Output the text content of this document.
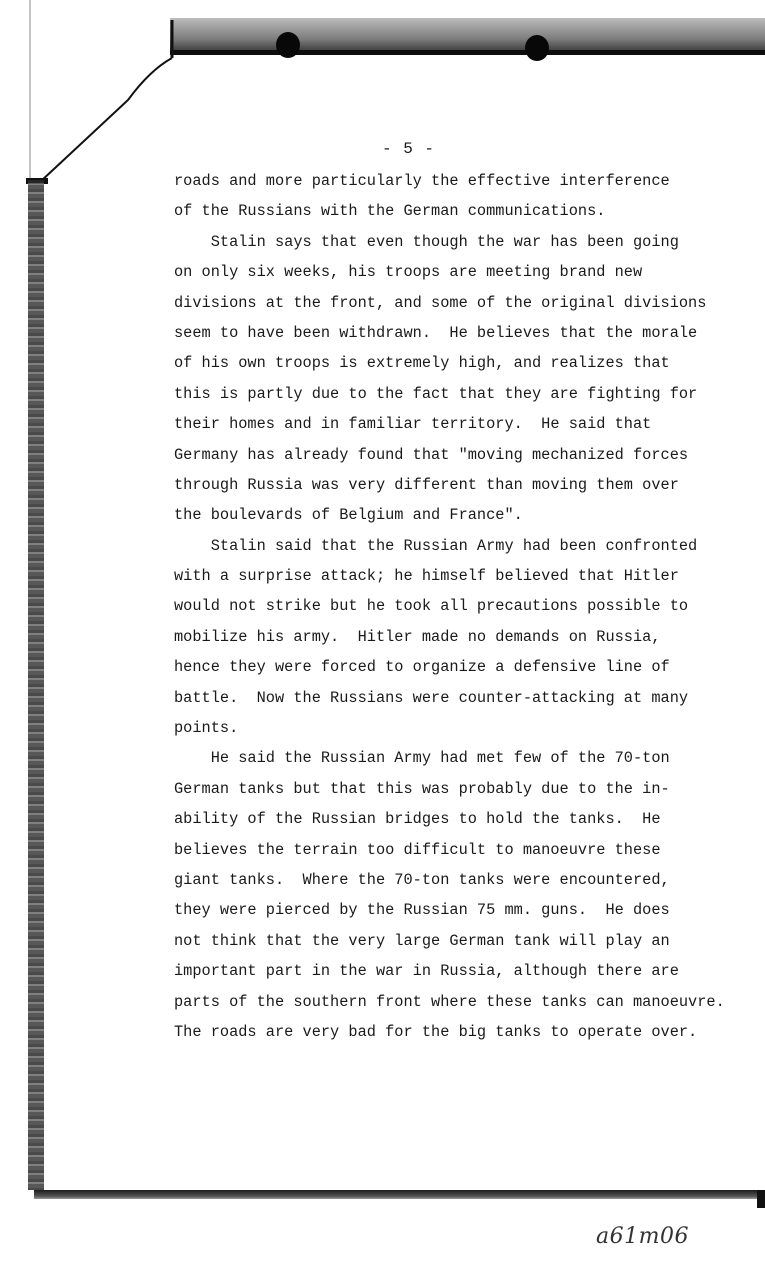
- 5 -
roads and more particularly the effective interference
of the Russians with the German communications.
Stalin says that even though the war has been going
on only six weeks, his troops are meeting brand new
divisions at the front, and some of the original divisions
seem to have been withdrawn.  He believes that the morale
of his own troops is extremely high, and realizes that
this is partly due to the fact that they are fighting for
their homes and in familiar territory.  He said that
Germany has already found that "moving mechanized forces
through Russia was very different than moving them over
the boulevards of Belgium and France".
Stalin said that the Russian Army had been confronted
with a surprise attack; he himself believed that Hitler
would not strike but he took all precautions possible to
mobilize his army.  Hitler made no demands on Russia,
hence they were forced to organize a defensive line of
battle.  Now the Russians were counter-attacking at many
points.
He said the Russian Army had met few of the 70-ton
German tanks but that this was probably due to the in-
ability of the Russian bridges to hold the tanks.  He
believes the terrain too difficult to manoeuvre these
giant tanks.  Where the 70-ton tanks were encountered,
they were pierced by the Russian 75 mm. guns.  He does
not think that the very large German tank will play an
important part in the war in Russia, although there are
parts of the southern front where these tanks can manoeuvre.
The roads are very bad for the big tanks to operate over.
a61m06
